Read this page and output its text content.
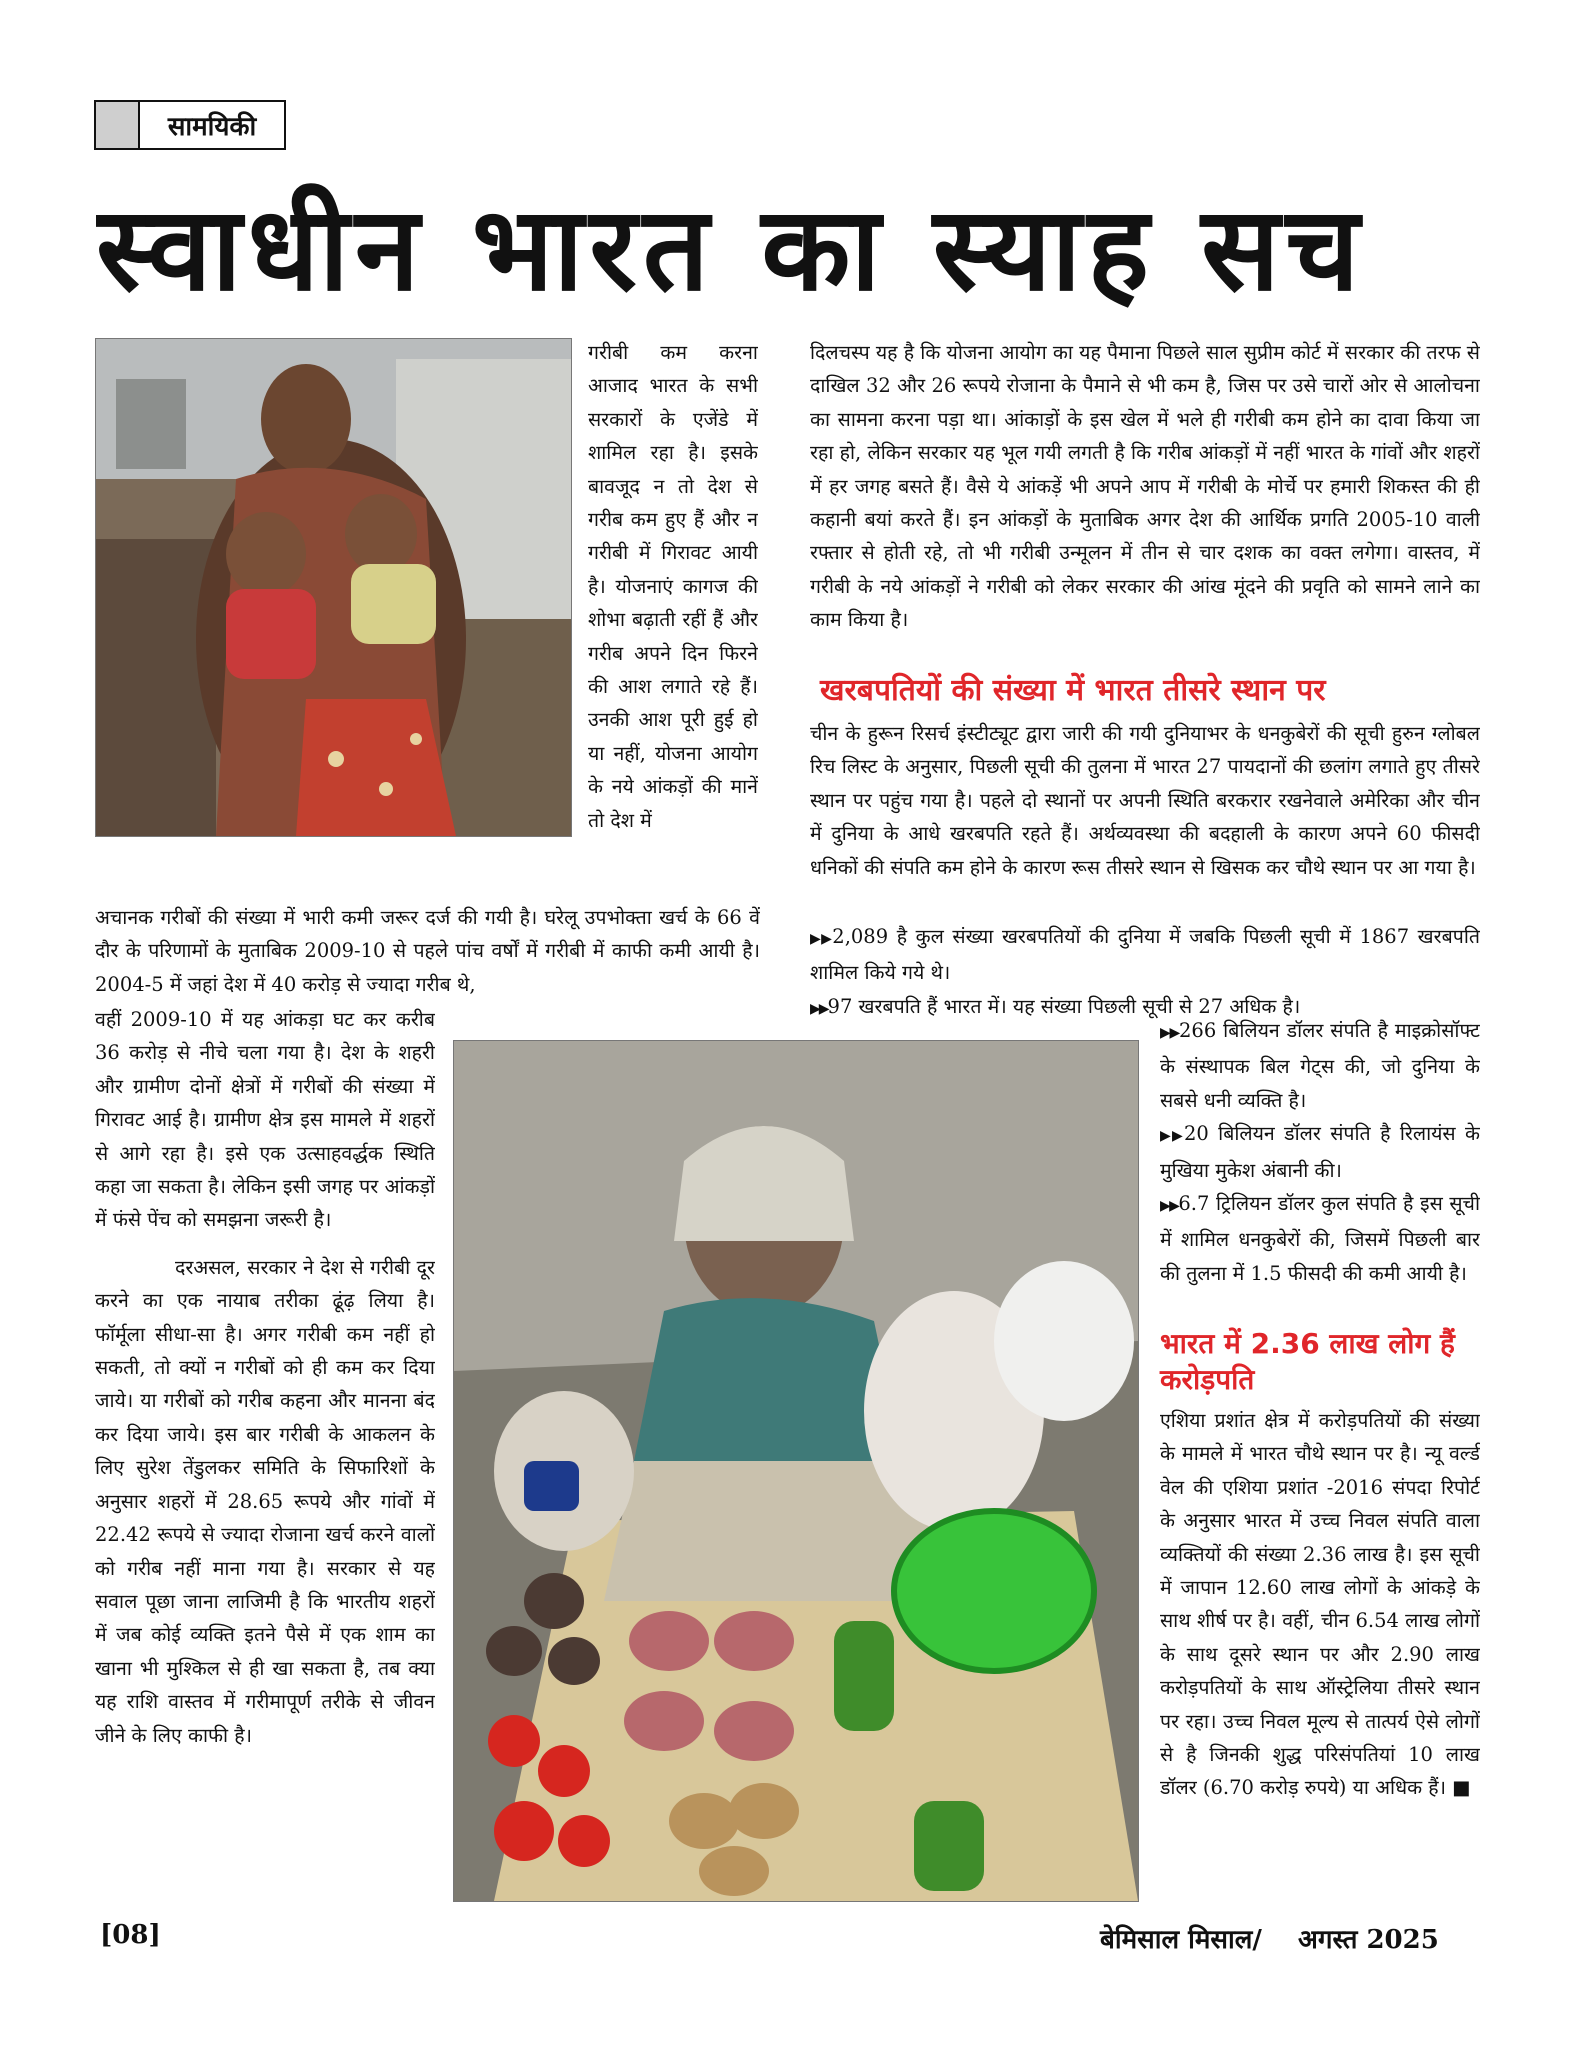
सामयिकी
स्वाधीन भारत का स्याह सच

गरीबी कम करना आजाद भारत के सभी सरकारों के एजेंडे में शामिल रहा है। इसके बावजूद न तो देश से गरीब कम हुए हैं और न गरीबी में गिरावट आयी है। योजनाएं कागज की शोभा बढ़ाती रहीं हैं और गरीब अपने दिन फिरने की आश लगाते रहे हैं। उनकी आश पूरी हुई हो या नहीं, योजना आयोग के नये आंकड़ों की मानें तो देश में

अचानक गरीबों की संख्या में भारी कमी जरूर दर्ज की गयी है। घरेलू उपभोक्ता खर्च के 66 वें दौर के परिणामों के मुताबिक 2009-10 से पहले पांच वर्षों में गरीबी में काफी कमी आयी है। 2004-5 में जहां देश में 40 करोड़ से ज्यादा गरीब थे,

वहीं 2009-10 में यह आंकड़ा घट कर करीब 36 करोड़ से नीचे चला गया है। देश के शहरी और ग्रामीण दोनों क्षेत्रों में गरीबों की संख्या में गिरावट आई है। ग्रामीण क्षेत्र इस मामले में शहरों से आगे रहा है। इसे एक उत्साहवर्द्धक स्थिति कहा जा सकता है। लेकिन इसी जगह पर आंकड़ों में फंसे पेंच को समझना जरूरी है।

दरअसल, सरकार ने देश से गरीबी दूर करने का एक नायाब तरीका ढूंढ़ लिया है। फॉर्मूला सीधा-सा है। अगर गरीबी कम नहीं हो सकती, तो क्यों न गरीबों को ही कम कर दिया जाये। या गरीबों को गरीब कहना और मानना बंद कर दिया जाये। इस बार गरीबी के आकलन के लिए सुरेश तेंडुलकर समिति के सिफारिशों के अनुसार शहरों में 28.65 रूपये और गांवों में 22.42 रूपये से ज्यादा रोजाना खर्च करने वालों को गरीब नहीं माना गया है। सरकार से यह सवाल पूछा जाना लाजिमी है कि भारतीय शहरों में जब कोई व्यक्ति इतने पैसे में एक शाम का खाना भी मुश्किल से ही खा सकता है, तब क्या यह राशि वास्तव में गरीमापूर्ण तरीके से जीवन जीने के लिए काफी है।

दिलचस्प यह है कि योजना आयोग का यह पैमाना पिछले साल सुप्रीम कोर्ट में सरकार की तरफ से दाखिल 32 और 26 रूपये रोजाना के पैमाने से भी कम है, जिस पर उसे चारों ओर से आलोचना का सामना करना पड़ा था। आंकाड़ों के इस खेल में भले ही गरीबी कम होने का दावा किया जा रहा हो, लेकिन सरकार यह भूल गयी लगती है कि गरीब आंकड़ों में नहीं भारत के गांवों और शहरों में हर जगह बसते हैं। वैसे ये आंकड़ें भी अपने आप में गरीबी के मोर्चे पर हमारी शिकस्त की ही कहानी बयां करते हैं। इन आंकड़ों के मुताबिक अगर देश की आर्थिक प्रगति 2005-10 वाली रफ्तार से होती रहे, तो भी गरीबी उन्मूलन में तीन से चार दशक का वक्त लगेगा। वास्तव, में गरीबी के नये आंकड़ों ने गरीबी को लेकर सरकार की आंख मूंदने की प्रवृति को सामने लाने का काम किया है।

खरबपतियों की संख्या में भारत तीसरे स्थान पर

चीन के हुरून रिसर्च इंस्टीट्यूट द्वारा जारी की गयी दुनियाभर के धनकुबेरों की सूची हुरुन ग्लोबल रिच लिस्ट के अनुसार, पिछली सूची की तुलना में भारत 27 पायदानों की छलांग लगाते हुए तीसरे स्थान पर पहुंच गया है। पहले दो स्थानों पर अपनी स्थिति बरकरार रखनेवाले अमेरिका और चीन में दुनिया के आधे खरबपति रहते हैं। अर्थव्यवस्था की बदहाली के कारण अपने 60 फीसदी धनिकों की संपति कम होने के कारण रूस तीसरे स्थान से खिसक कर चौथे स्थान पर आ गया है।

▶▶ 2,089 है कुल संख्या खरबपतियों की दुनिया में जबकि पिछली सूची में 1867 खरबपति शामिल किये गये थे।

▶▶ 97 खरबपति हैं भारत में। यह संख्या पिछली सूची से 27 अधिक है।

▶▶ 266 बिलियन डॉलर संपति है माइक्रोसॉफ्ट के संस्थापक बिल गेट्स की, जो दुनिया के सबसे धनी व्यक्ति है।

▶▶ 20 बिलियन डॉलर संपति है रिलायंस के मुखिया मुकेश अंबानी की।

▶▶ 6.7 ट्रिलियन डॉलर कुल संपति है इस सूची में शामिल धनकुबेरों की, जिसमें पिछली बार की तुलना में 1.5 फीसदी की कमी आयी है।

भारत में 2.36 लाख लोग हैं करोड़पति

एशिया प्रशांत क्षेत्र में करोड़पतियों की संख्या के मामले में भारत चौथे स्थान पर है। न्यू वर्ल्ड वेल की एशिया प्रशांत -2016 संपदा रिपोर्ट के अनुसार भारत में उच्च निवल संपति वाला व्यक्तियों की संख्या 2.36 लाख है। इस सूची में जापान 12.60 लाख लोगों के आंकड़े के साथ शीर्ष पर है। वहीं, चीन 6.54 लाख लोगों के साथ दूसरे स्थान पर और 2.90 लाख करोड़पतियों के साथ ऑस्ट्रेलिया तीसरे स्थान पर रहा। उच्च निवल मूल्य से तात्पर्य ऐसे लोगों से है जिनकी शुद्ध परिसंपतियां 10 लाख डॉलर (6.70 करोड़ रुपये) या अधिक हैं। ■

[08]	बेमिसाल मिसाल/ अगस्त 2025
